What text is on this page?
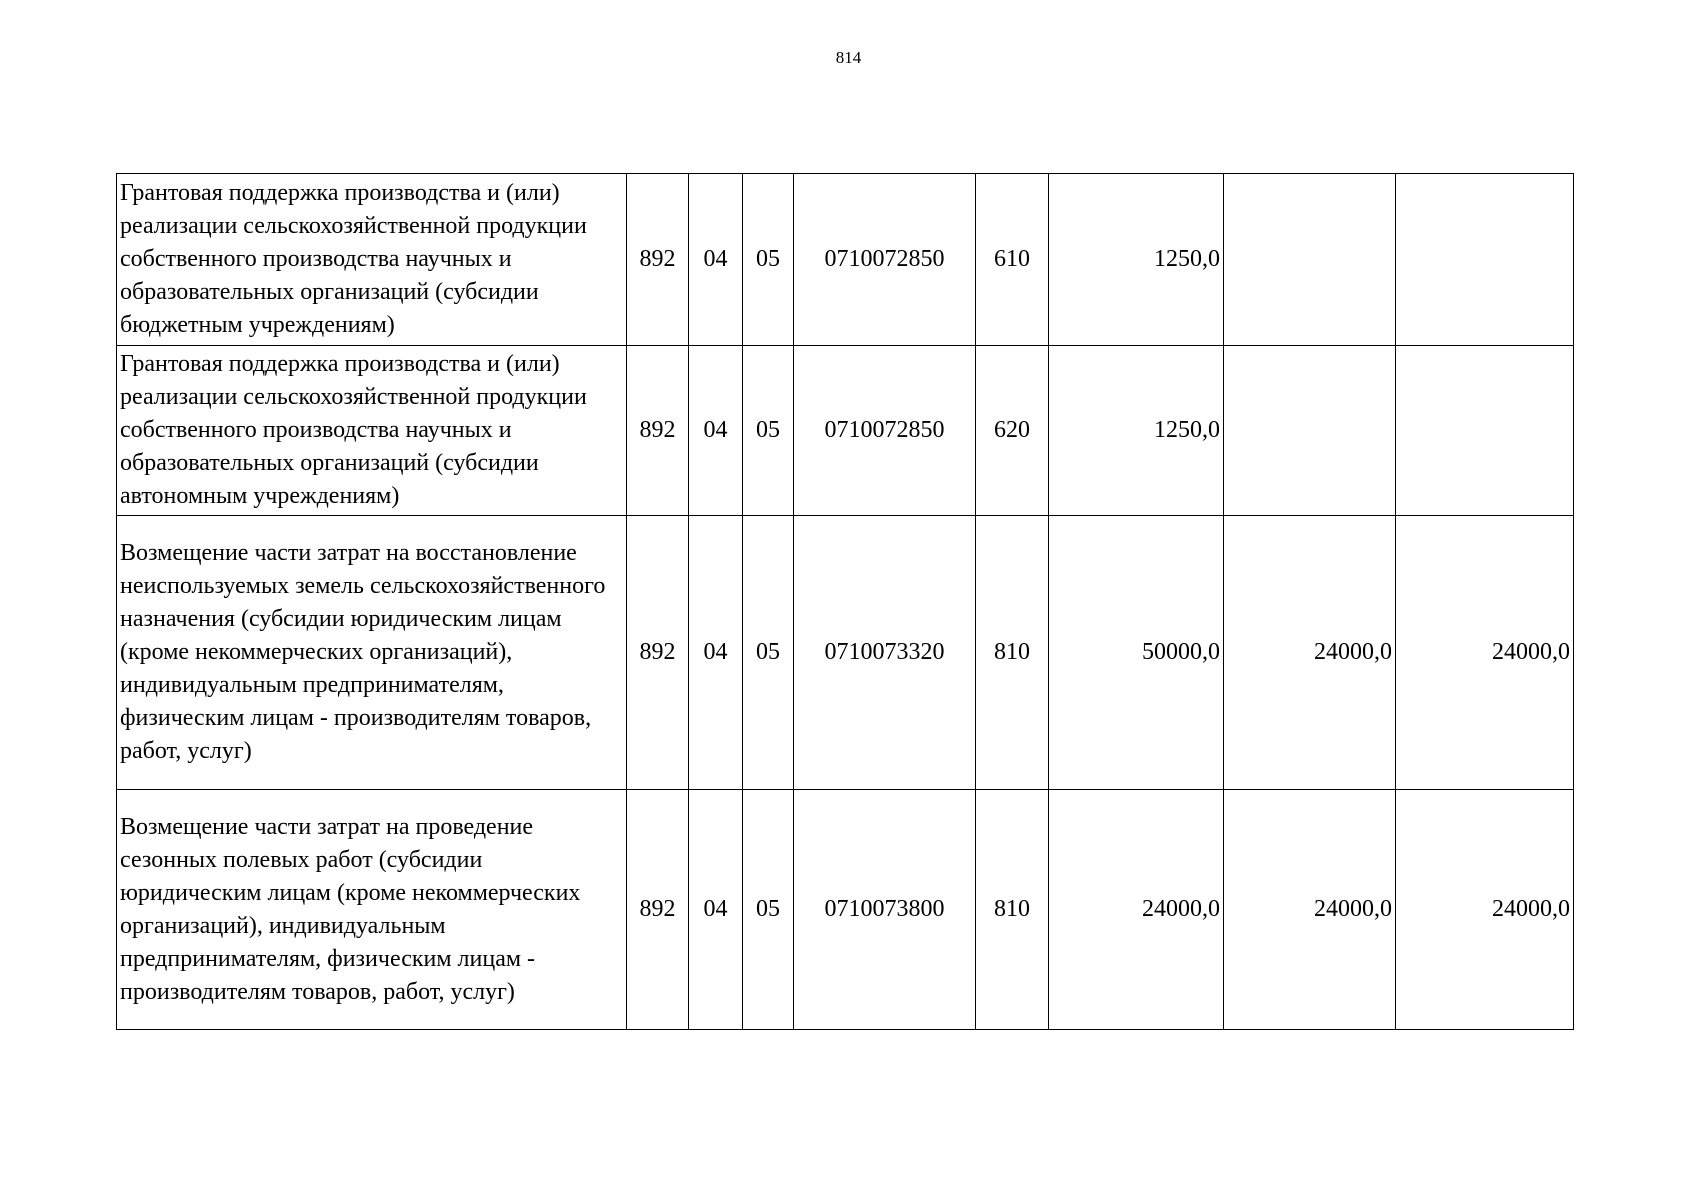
814
Грантовая поддержка производства и (или) реализации сельскохозяйственной продукции собственного производства научных и образовательных организаций (субсидии бюджетным учреждениям)	892	04	05	0710072850	610	1250,0		
Грантовая поддержка производства и (или) реализации сельскохозяйственной продукции собственного производства научных и образовательных организаций (субсидии автономным учреждениям)	892	04	05	0710072850	620	1250,0		
Возмещение части затрат на восстановление неиспользуемых земель сельскохозяйственного назначения (субсидии юридическим лицам (кроме некоммерческих организаций), индивидуальным предпринимателям, физическим лицам - производителям товаров, работ, услуг)	892	04	05	0710073320	810	50000,0	24000,0	24000,0
Возмещение части затрат на проведение сезонных полевых работ (субсидии юридическим лицам (кроме некоммерческих организаций), индивидуальным предпринимателям, физическим лицам - производителям товаров, работ, услуг)	892	04	05	0710073800	810	24000,0	24000,0	24000,0
